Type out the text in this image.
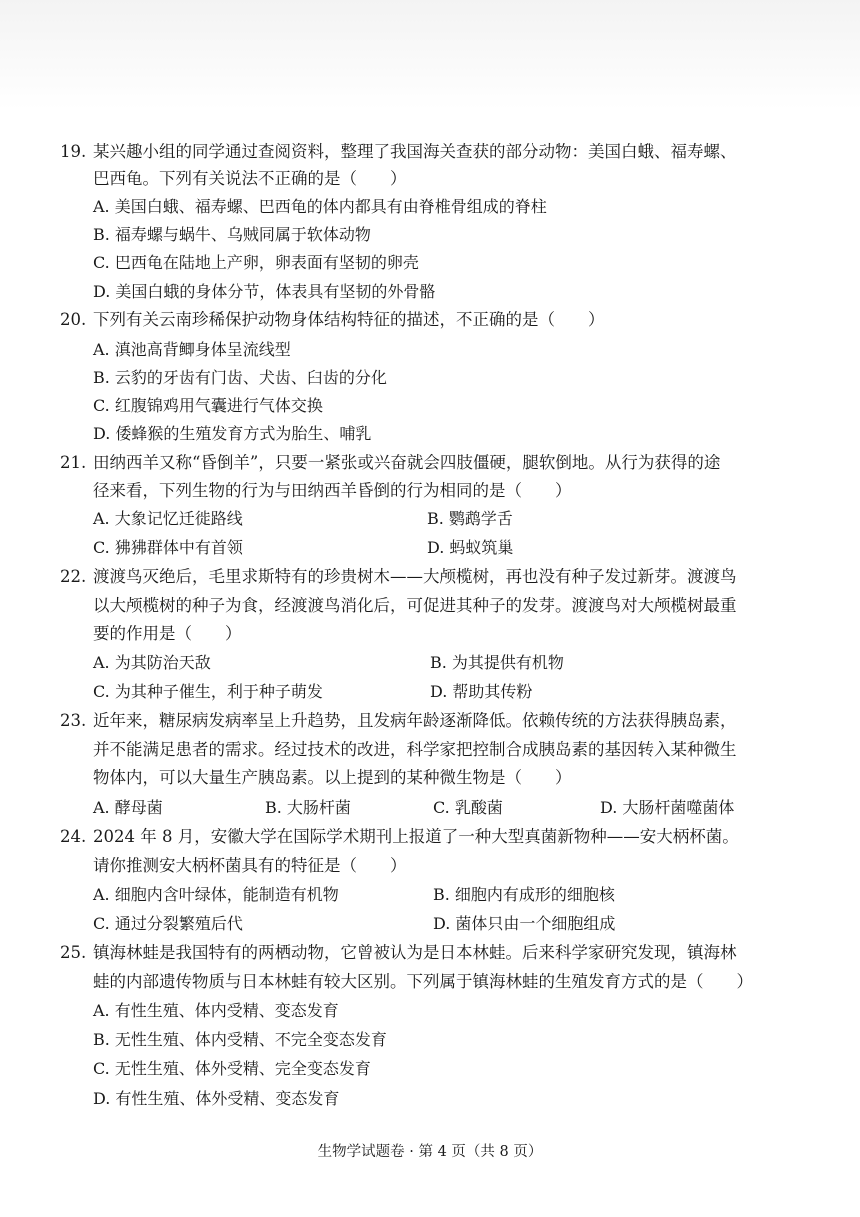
19. 某兴趣小组的同学通过查阅资料，整理了我国海关查获的部分动物：美国白蛾、福寿螺、
巴西龟。下列有关说法不正确的是（　　）
A. 美国白蛾、福寿螺、巴西龟的体内都具有由脊椎骨组成的脊柱
B. 福寿螺与蜗牛、乌贼同属于软体动物
C. 巴西龟在陆地上产卵，卵表面有坚韧的卵壳
D. 美国白蛾的身体分节，体表具有坚韧的外骨骼
20. 下列有关云南珍稀保护动物身体结构特征的描述，不正确的是（　　）
A. 滇池高背鲫身体呈流线型
B. 云豹的牙齿有门齿、犬齿、臼齿的分化
C. 红腹锦鸡用气囊进行气体交换
D. 倭蜂猴的生殖发育方式为胎生、哺乳
21. 田纳西羊又称“昏倒羊”，只要一紧张或兴奋就会四肢僵硬，腿软倒地。从行为获得的途
径来看，下列生物的行为与田纳西羊昏倒的行为相同的是（　　）
A. 大象记忆迁徙路线	B. 鹦鹉学舌
C. 狒狒群体中有首领	D. 蚂蚁筑巢
22. 渡渡鸟灭绝后，毛里求斯特有的珍贵树木——大颅榄树，再也没有种子发过新芽。渡渡鸟
以大颅榄树的种子为食，经渡渡鸟消化后，可促进其种子的发芽。渡渡鸟对大颅榄树最重
要的作用是（　　）
A. 为其防治天敌	B. 为其提供有机物
C. 为其种子催生，利于种子萌发	D. 帮助其传粉
23. 近年来，糖尿病发病率呈上升趋势，且发病年龄逐渐降低。依赖传统的方法获得胰岛素，
并不能满足患者的需求。经过技术的改进，科学家把控制合成胰岛素的基因转入某种微生
物体内，可以大量生产胰岛素。以上提到的某种微生物是（　　）
A. 酵母菌	B. 大肠杆菌	C. 乳酸菌	D. 大肠杆菌噬菌体
24. 2024 年 8 月，安徽大学在国际学术期刊上报道了一种大型真菌新物种——安大柄杯菌。
请你推测安大柄杯菌具有的特征是（　　）
A. 细胞内含叶绿体，能制造有机物	B. 细胞内有成形的细胞核
C. 通过分裂繁殖后代	D. 菌体只由一个细胞组成
25. 镇海林蛙是我国特有的两栖动物，它曾被认为是日本林蛙。后来科学家研究发现，镇海林
蛙的内部遗传物质与日本林蛙有较大区别。下列属于镇海林蛙的生殖发育方式的是（　　）
A. 有性生殖、体内受精、变态发育
B. 无性生殖、体内受精、不完全变态发育
C. 无性生殖、体外受精、完全变态发育
D. 有性生殖、体外受精、变态发育
生物学试题卷 · 第 4 页（共 8 页）
